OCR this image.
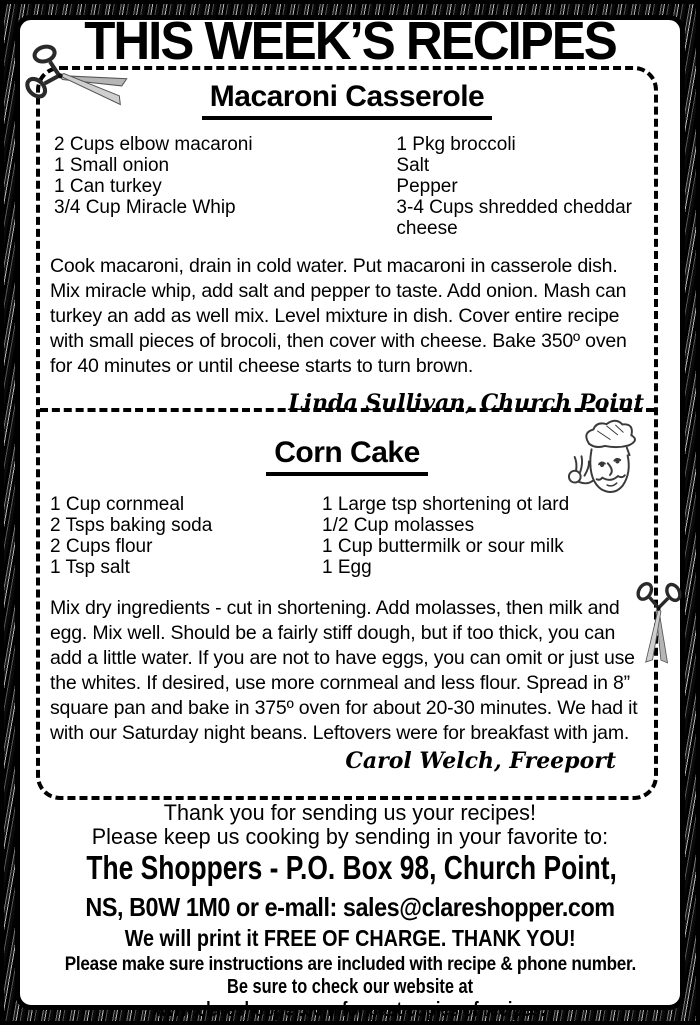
THIS WEEK’S RECIPES
Macaroni Casserole
2 Cups elbow macaroni
1 Small onion
1 Can turkey
3/4 Cup Miracle Whip
1 Pkg broccoli
Salt
Pepper
3-4 Cups shredded cheddar cheese

Cook macaroni, drain in cold water. Put macaroni in casserole dish. Mix miracle whip, add salt and pepper to taste. Add onion. Mash can turkey an add as well mix. Level mixture in dish. Cover entire recipe with small pieces of brocoli, then cover with cheese. Bake 350º oven for 40 minutes or until cheese starts to turn brown.

Linda Sullivan, Church Point
Corn Cake
1 Cup cornmeal
2 Tsps baking soda
2 Cups flour
1 Tsp salt
1 Large tsp shortening ot lard
1/2 Cup molasses
1 Cup buttermilk or sour milk
1 Egg

Mix dry ingredients - cut in shortening. Add molasses, then milk and egg. Mix well. Should be a fairly stiff dough, but if too thick, you can add a little water. If you are not to have eggs, you can omit or just use the whites. If desired, use more cornmeal and less flour. Spread in 8” square pan and bake in 375º oven for about 20-30 minutes. We had it with our Saturday night beans. Leftovers were for breakfast with jam.

Carol Welch, Freeport
Thank you for sending us your recipes!
Please keep us cooking by sending in your favorite to:
The Shoppers - P.O. Box 98, Church Point,
NS, B0W 1M0 or e-mall: sales@clareshopper.com
We will print it FREE OF CHARGE. THANK YOU!
Please make sure instructions are included with recipe & phone number.
Be sure to check our website at
www.clareshopper.com for past copies of recipes.
